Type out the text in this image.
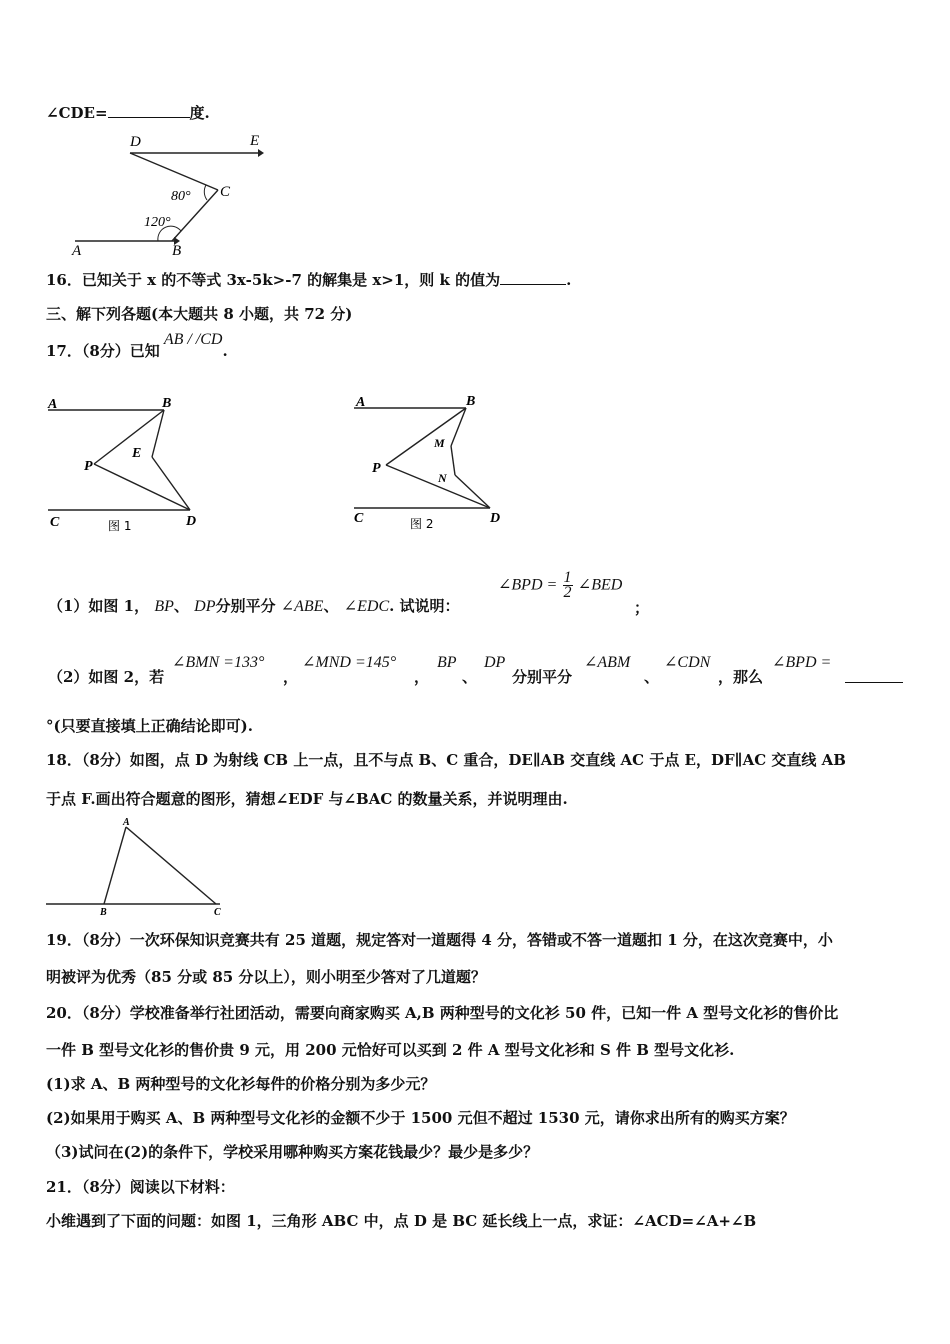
∠CDE=	度.
D	E
C
A	B
80°
120°
16．已知关于 x 的不等式 3x-5k>-7 的解集是 x>1，则 k 的值为	.
三、解下列各题(本大题共 8 小题，共 72 分)
17．（8分）已知AB / /CD.
A	B
C	D
P
E
图 1
A	B
C	D
P
M
N
图 2
（1）如图 1， BP、 DP分别平分 ∠ABE、 ∠EDC. 试说明：
∠BPD = $\frac{1}{2}$ ∠BED
；
（2）如图 2，若
∠BMN =133°
，
∠MND =145°
，
BP
、
DP
分别平分
∠ABM
、
∠CDN
，那么
∠BPD =
°(只要直接填上正确结论即可).
18．（8分）如图，点 D 为射线 CB 上一点，且不与点 B、C 重合，DE∥AB 交直线 AC 于点 E，DF∥AC 交直线 AB
于点 F.画出符合题意的图形，猜想∠EDF 与∠BAC 的数量关系，并说明理由.
A
B	C
19．（8分）一次环保知识竞赛共有 25 道题，规定答对一道题得 4 分，答错或不答一道题扣 1 分，在这次竞赛中，小
明被评为优秀（85 分或 85 分以上），则小明至少答对了几道题？
20．（8分）学校准备举行社团活动，需要向商家购买 A,B 两种型号的文化衫 50 件，已知一件 A 型号文化衫的售价比
一件 B 型号文化衫的售价贵 9 元，用 200 元恰好可以买到 2 件 A 型号文化衫和 S 件 B 型号文化衫.
(1)求 A、B 两种型号的文化衫每件的价格分别为多少元？
(2)如果用于购买 A、B 两种型号文化衫的金额不少于 1500 元但不超过 1530 元，请你求出所有的购买方案？
（3)试问在(2)的条件下，学校采用哪种购买方案花钱最少？最少是多少？
21．（8分）阅读以下材料：
小维遇到了下面的问题：如图 1，三角形 ABC 中，点 D 是 BC 延长线上一点，求证：∠ACD=∠A+∠B
